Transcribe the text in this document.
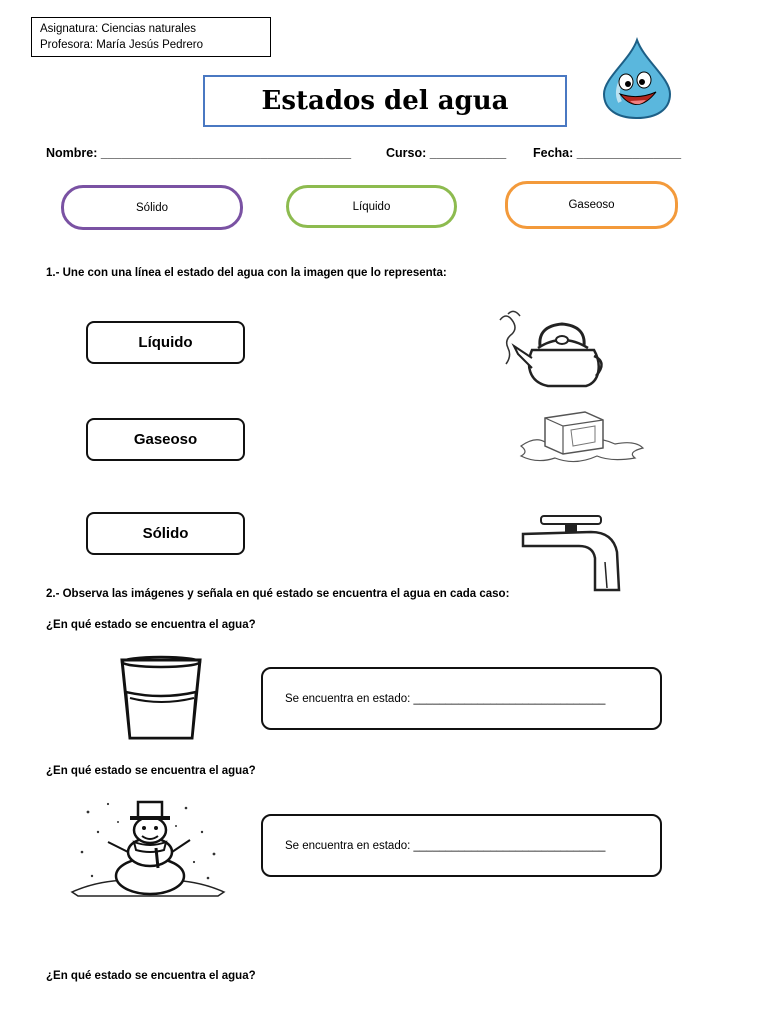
Asignatura: Ciencias naturales
Profesora: María Jesús Pedrero
Estados del agua
Nombre: ____________________________________	Curso: ___________ Fecha: _______________
Sólido	Líquido	Gaseoso
1.- Une con una línea el estado del agua con la imagen que lo representa:
Líquido
Gaseoso
Sólido
2.- Observa las imágenes y señala en qué estado se encuentra el agua en cada caso:
¿En qué estado se encuentra el agua?
Se encuentra en estado: ______________________________
¿En qué estado se encuentra el agua?
Se encuentra en estado: ______________________________
¿En qué estado se encuentra el agua?
